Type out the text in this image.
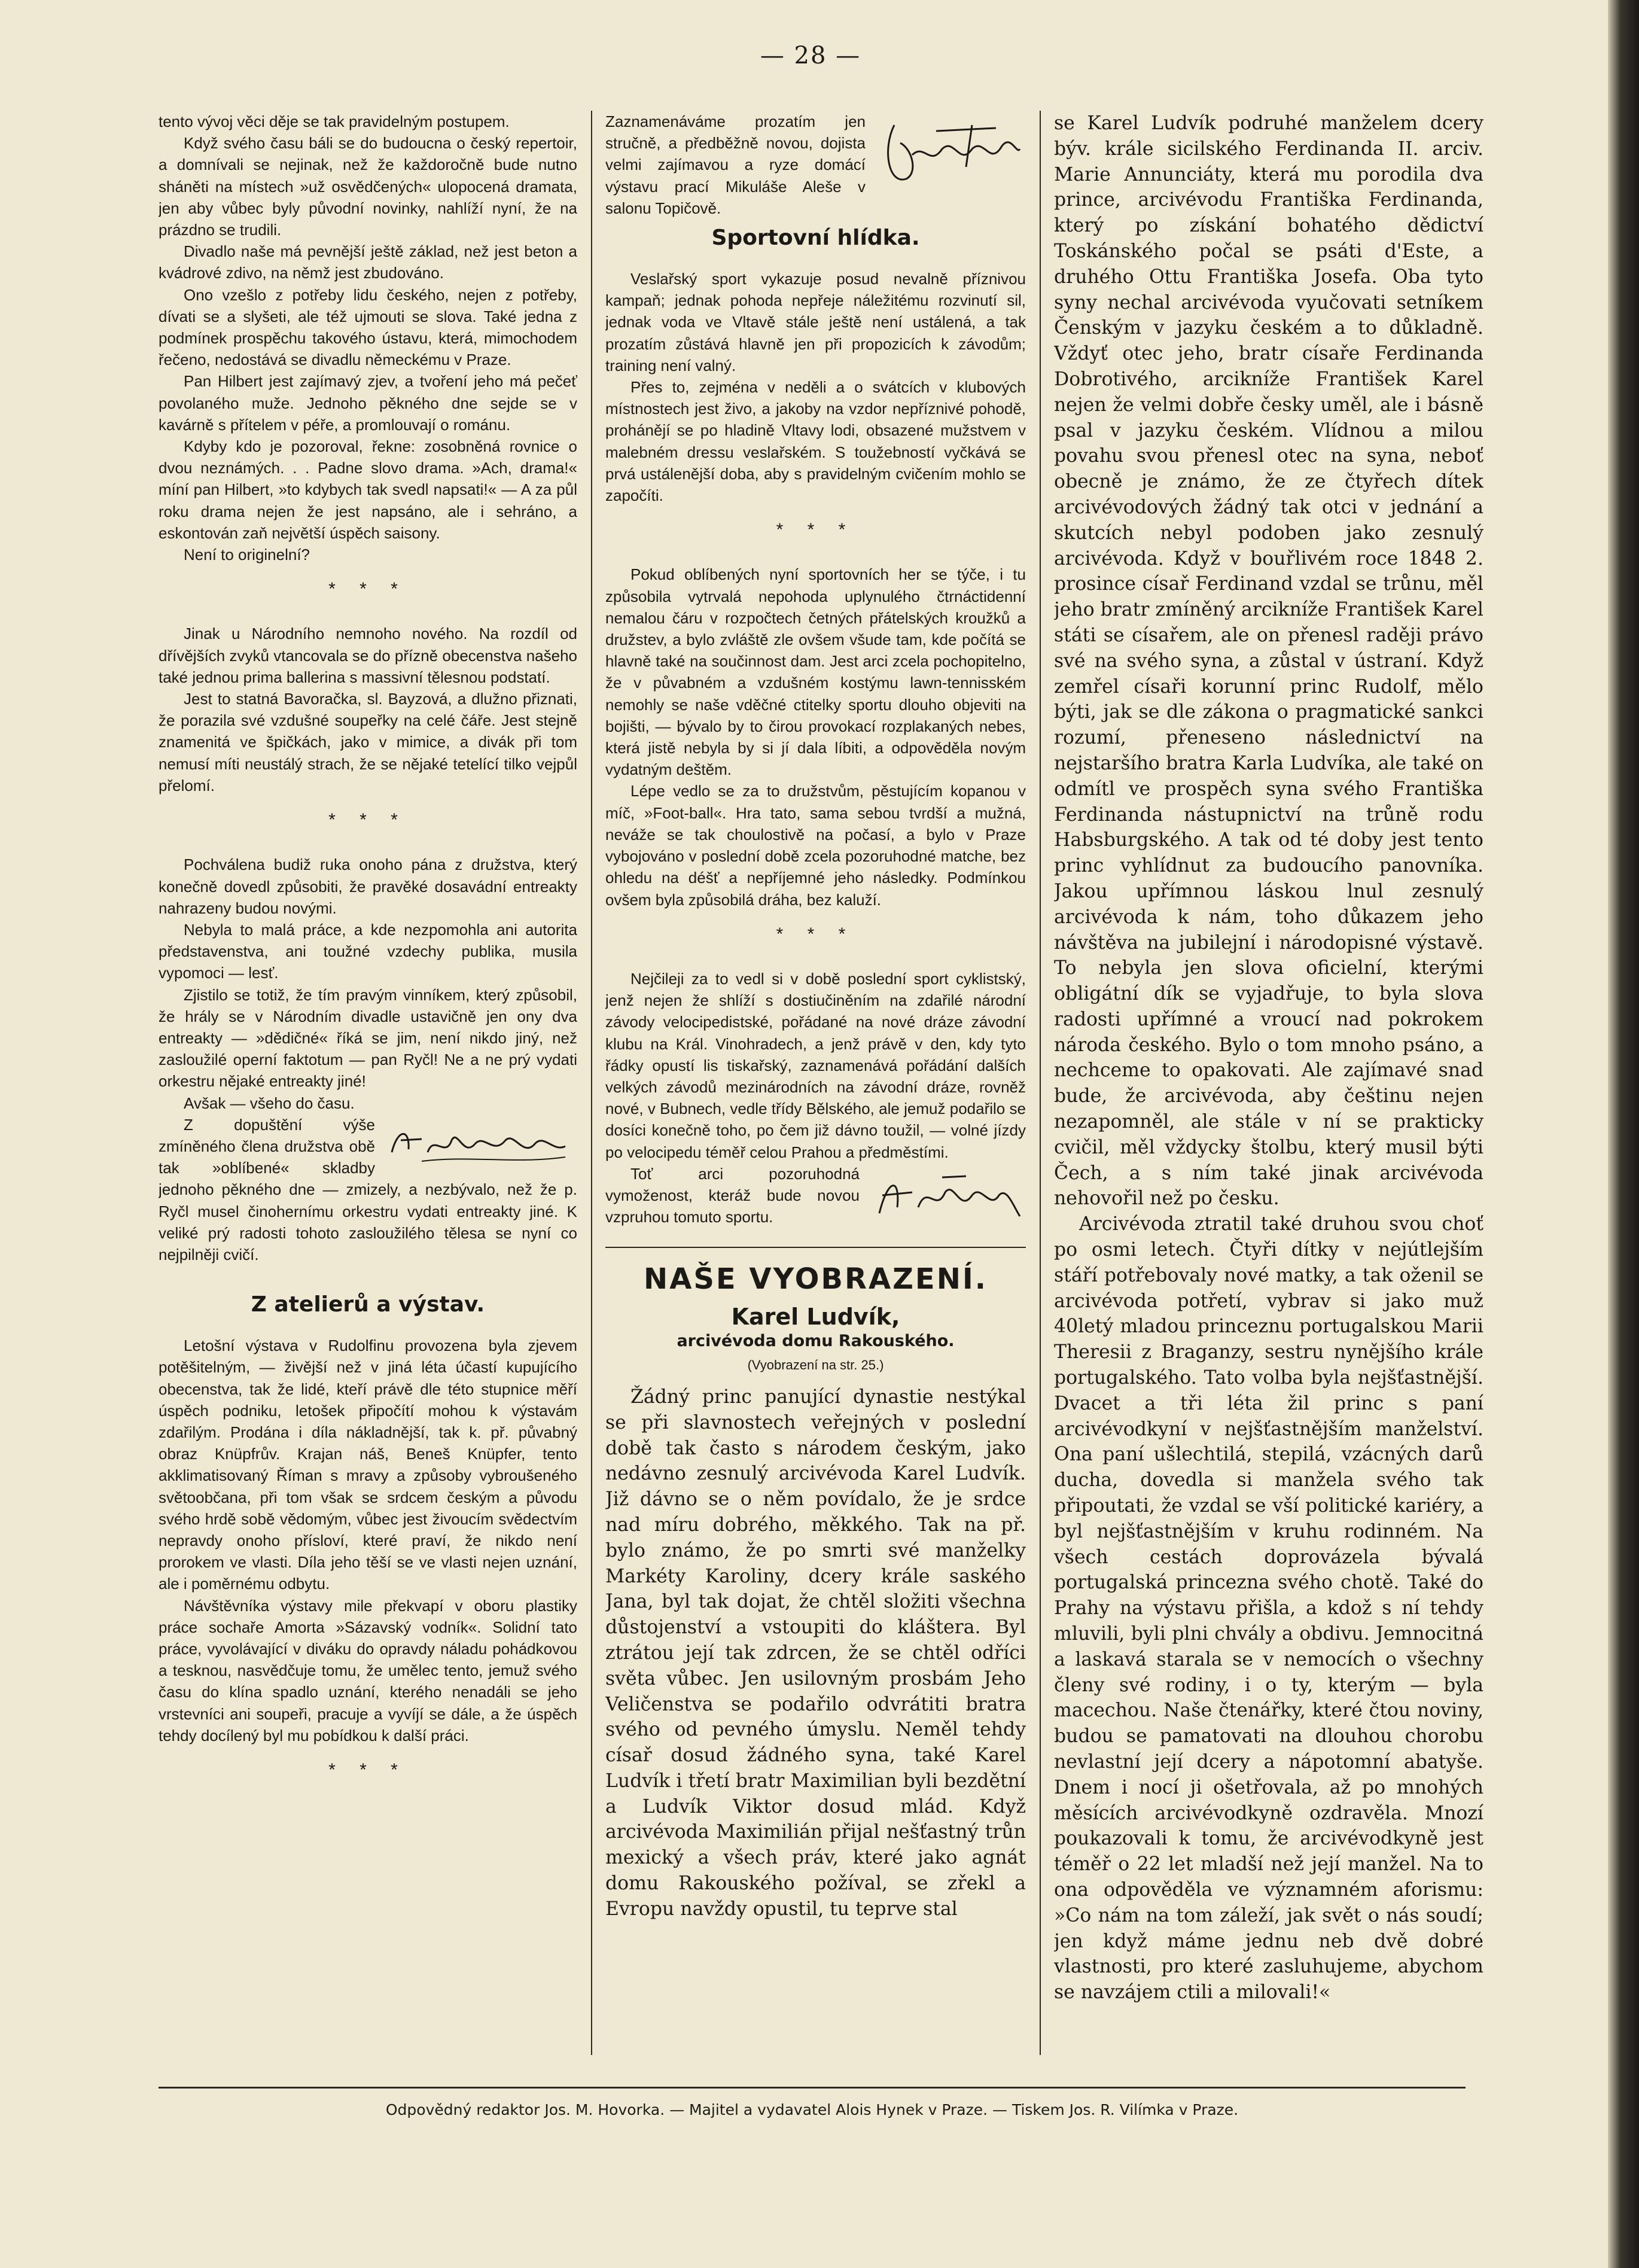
— 28 —

tento vývoj věci děje se tak pravidelným postupem.

Když svého času báli se do budoucna o český repertoir, a domnívali se nejinak, než že každoročně bude nutno sháněti na místech »už osvědčených« ulopocená dramata, jen aby vůbec byly původní novinky, nahlíží nyní, že na prázdno se trudili.

Divadlo naše má pevnější ještě základ, než jest beton a kvádrové zdivo, na němž jest zbudováno.

Ono vzešlo z potřeby lidu českého, nejen z potřeby, dívati se a slyšeti, ale též ujmouti se slova. Také jedna z podmínek prospěchu takového ústavu, která, mimochodem řečeno, nedostává se divadlu německému v Praze.

Pan Hilbert jest zajímavý zjev, a tvoření jeho má pečeť povolaného muže. Jednoho pěkného dne sejde se v kavárně s přítelem v péře, a promlouvají o románu.

Kdyby kdo je pozoroval, řekne: zosobněná rovnice o dvou neznámých. . . Padne slovo drama. »Ach, drama!« míní pan Hilbert, »to kdybych tak svedl napsati!« — A za půl roku drama nejen že jest napsáno, ale i sehráno, a eskontován zaň největší úspěch saisony.

Není to originelní?

* * *

Jinak u Národního nemnoho nového. Na rozdíl od dřívějších zvyků vtancovala se do přízně obecenstva našeho také jednou prima ballerina s massivní tělesnou podstatí.

Jest to statná Bavoračka, sl. Bayzová, a dlužno přiznati, že porazila své vzdušné soupeřky na celé čáře. Jest stejně znamenitá ve špičkách, jako v mimice, a divák při tom nemusí míti neustálý strach, že se nějaké tetelící tilko vejpůl přelomí.

* * *

Pochválena budiž ruka onoho pána z družstva, který konečně dovedl způsobiti, že pravěké dosavádní entreakty nahrazeny budou novými.

Nebyla to malá práce, a kde nezpomohla ani autorita představenstva, ani toužné vzdechy publika, musila vypomoci — lesť.

Zjistilo se totiž, že tím pravým vinníkem, který způsobil, že hrály se v Národním divadle ustavičně jen ony dva entreakty — »dědičné« říká se jim, není nikdo jiný, než zasloužilé operní faktotum — pan Ryčl! Ne a ne prý vydati orkestru nějaké entreakty jiné!

Avšak — všeho do času.

Z dopuštění výše zmíněného člena družstva obě tak »oblíbené« skladby jednoho pěkného dne — zmizely, a nezbývalo, než že p. Ryčl musel činohernímu orkestru vydati entreakty jiné. K veliké prý radosti tohoto zasloužilého tělesa se nyní co nejpilněji cvičí.

Z atelierů a výstav.

Letošní výstava v Rudolfinu provozena byla zjevem potěšitelným, — živější než v jiná léta účastí kupujícího obecenstva, tak že lidé, kteří právě dle této stupnice měří úspěch podniku, letošek připočítí mohou k výstavám zdařilým. Prodána i díla nákladnější, tak k. př. půvabný obraz Knüpfrův. Krajan náš, Beneš Knüpfer, tento akklimatisovaný Říman s mravy a způsoby vybroušeného světoobčana, při tom však se srdcem českým a původu svého hrdě sobě vědomým, vůbec jest živoucím svědectvím nepravdy onoho přísloví, které praví, že nikdo není prorokem ve vlasti. Díla jeho těší se ve vlasti nejen uznání, ale i poměrnému odbytu.

Návštěvníka výstavy mile překvapí v oboru plastiky práce sochaře Amorta »Sázavský vodník«. Solidní tato práce, vyvolávající v diváku do opravdy náladu pohádkovou a tesknou, nasvědčuje tomu, že umělec tento, jemuž svého času do klína spadlo uznání, kterého nenadáli se jeho vrstevníci ani soupeři, pracuje a vyvíjí se dále, a že úspěch tehdy docílený byl mu pobídkou k další práci.

* * *

Zaznamenáváme prozatím jen stručně, a předběžně novou, dojista velmi zajímavou a ryze domácí výstavu prací Mikuláše Aleše v salonu Topičově.

Sportovní hlídka.

Veslařský sport vykazuje posud nevalně příznivou kampaň; jednak pohoda nepřeje náležitému rozvinutí sil, jednak voda ve Vltavě stále ještě není ustálená, a tak prozatím zůstává hlavně jen při propozicích k závodům; training není valný.

Přes to, zejména v neděli a o svátcích v klubových místnostech jest živo, a jakoby na vzdor nepříznivé pohodě, prohánějí se po hladině Vltavy lodi, obsazené mužstvem v malebném dressu veslařském. S toužebností vyčkává se prvá ustálenější doba, aby s pravidelným cvičením mohlo se započíti.

* * *

Pokud oblíbených nyní sportovních her se týče, i tu způsobila vytrvalá nepohoda uplynulého čtrnáctidenní nemalou čáru v rozpočtech četných přátelských kroužků a družstev, a bylo zvláště zle ovšem všude tam, kde počítá se hlavně také na součinnost dam. Jest arci zcela pochopitelno, že v půvabném a vzdušném kostýmu lawn-tennisském nemohly se naše vděčné ctitelky sportu dlouho objeviti na bojišti, — bývalo by to čirou provokací rozplakaných nebes, která jistě nebyla by si jí dala líbiti, a odpověděla novým vydatným deštěm.

Lépe vedlo se za to družstvům, pěstujícím kopanou v míč, »Foot-ball«. Hra tato, sama sebou tvrdší a mužná, neváže se tak choulostivě na počasí, a bylo v Praze vybojováno v poslední době zcela pozoruhodné matche, bez ohledu na déšť a nepříjemné jeho následky. Podmínkou ovšem byla způsobilá dráha, bez kaluží.

* * *

Nejčileji za to vedl si v době poslední sport cyklistský, jenž nejen že shlíží s dostiučiněním na zdařilé národní závody velocipedistské, pořádané na nové dráze závodní klubu na Král. Vinohradech, a jenž právě v den, kdy tyto řádky opustí lis tiskařský, zaznamenává pořádání dalších velkých závodů mezinárodních na závodní dráze, rovněž nové, v Bubnech, vedle třídy Bělského, ale jemuž podařilo se dosíci konečně toho, po čem již dávno toužil, — volné jízdy po velocipedu téměř celou Prahou a předměstími.

Toť arci pozoruhodná vymoženost, kteráž bude novou vzpruhou tomuto sportu.

NAŠE VYOBRAZENÍ.
Karel Ludvík,
arcivévoda domu Rakouského.
(Vyobrazení na str. 25.)

Žádný princ panující dynastie nestýkal se při slavnostech veřejných v poslední době tak často s národem českým, jako nedávno zesnulý arcivévoda Karel Ludvík. Již dávno se o něm povídalo, že je srdce nad míru dobrého, měkkého. Tak na př. bylo známo, že po smrti své manželky Markéty Karoliny, dcery krále saského Jana, byl tak dojat, že chtěl složiti všechna důstojenství a vstoupiti do kláštera. Byl ztrátou její tak zdrcen, že se chtěl odříci světa vůbec. Jen usilovným prosbám Jeho Veličenstva se podařilo odvrátiti bratra svého od pevného úmyslu. Neměl tehdy císař dosud žádného syna, také Karel Ludvík i třetí bratr Maximilian byli bezdětní a Ludvík Viktor dosud mlád. Když arcivévoda Maximilián přijal nešťastný trůn mexický a všech práv, které jako agnát domu Rakouského požíval, se zřekl a Evropu navždy opustil, tu teprve stal

se Karel Ludvík podruhé manželem dcery býv. krále sicilského Ferdinanda II. arciv. Marie Annunciáty, která mu porodila dva prince, arcivévodu Františka Ferdinanda, který po získání bohatého dědictví Toskánského počal se psáti d'Este, a druhého Ottu Františka Josefa. Oba tyto syny nechal arcivévoda vyučovati setníkem Čenským v jazyku českém a to důkladně. Vždyť otec jeho, bratr císaře Ferdinanda Dobrotivého, arcikníže František Karel nejen že velmi dobře česky uměl, ale i básně psal v jazyku českém. Vlídnou a milou povahu svou přenesl otec na syna, neboť obecně je známo, že ze čtyřech dítek arcivévodových žádný tak otci v jednání a skutcích nebyl podoben jako zesnulý arcivévoda. Když v bouřlivém roce 1848 2. prosince císař Ferdinand vzdal se trůnu, měl jeho bratr zmíněný arcikníže František Karel státi se císařem, ale on přenesl raději právo své na svého syna, a zůstal v ústraní. Když zemřel císaři korunní princ Rudolf, mělo býti, jak se dle zákona o pragmatické sankci rozumí, přeneseno následnictví na nejstaršího bratra Karla Ludvíka, ale také on odmítl ve prospěch syna svého Františka Ferdinanda nástupnictví na trůně rodu Habsburgského. A tak od té doby jest tento princ vyhlídnut za budoucího panovníka. Jakou upřímnou láskou lnul zesnulý arcivévoda k nám, toho důkazem jeho návštěva na jubilejní i národopisné výstavě. To nebyla jen slova oficielní, kterými obligátní dík se vyjadřuje, to byla slova radosti upřímné a vroucí nad pokrokem národa českého. Bylo o tom mnoho psáno, a nechceme to opakovati. Ale zajímavé snad bude, že arcivévoda, aby češtinu nejen nezapomněl, ale stále v ní se prakticky cvičil, měl vždycky štolbu, který musil býti Čech, a s ním také jinak arcivévoda nehovořil než po česku.

Arcivévoda ztratil také druhou svou choť po osmi letech. Čtyři dítky v nejútlejším stáří potřebovaly nové matky, a tak oženil se arcivévoda potřetí, vybrav si jako muž 40letý mladou princeznu portugalskou Marii Theresii z Braganzy, sestru nynějšího krále portugalského. Tato volba byla nejšťastnější. Dvacet a tři léta žil princ s paní arcivévodkyní v nejšťastnějším manželství. Ona paní ušlechtilá, stepilá, vzácných darů ducha, dovedla si manžela svého tak připoutati, že vzdal se vší politické kariéry, a byl nejšťastnějším v kruhu rodinném. Na všech cestách doprovázela bývalá portugalská princezna svého chotě. Také do Prahy na výstavu přišla, a kdož s ní tehdy mluvili, byli plni chvály a obdivu. Jemnocitná a laskavá starala se v nemocích o všechny členy své rodiny, i o ty, kterým — byla macechou. Naše čtenářky, které čtou noviny, budou se pamatovati na dlouhou chorobu nevlastní její dcery a nápotomní abatyše. Dnem i nocí ji ošetřovala, až po mnohých měsících arcivévodkyně ozdravěla. Mnozí poukazovali k tomu, že arcivévodkyně jest téměř o 22 let mladší než její manžel. Na to ona odpověděla ve významném aforismu: »Co nám na tom záleží, jak svět o nás soudí; jen když máme jednu neb dvě dobré vlastnosti, pro které zasluhujeme, abychom se navzájem ctili a milovali!«

Odpovědný redaktor Jos. M. Hovorka. — Majitel a vydavatel Alois Hynek v Praze. — Tiskem Jos. R. Vilímka v Praze.
